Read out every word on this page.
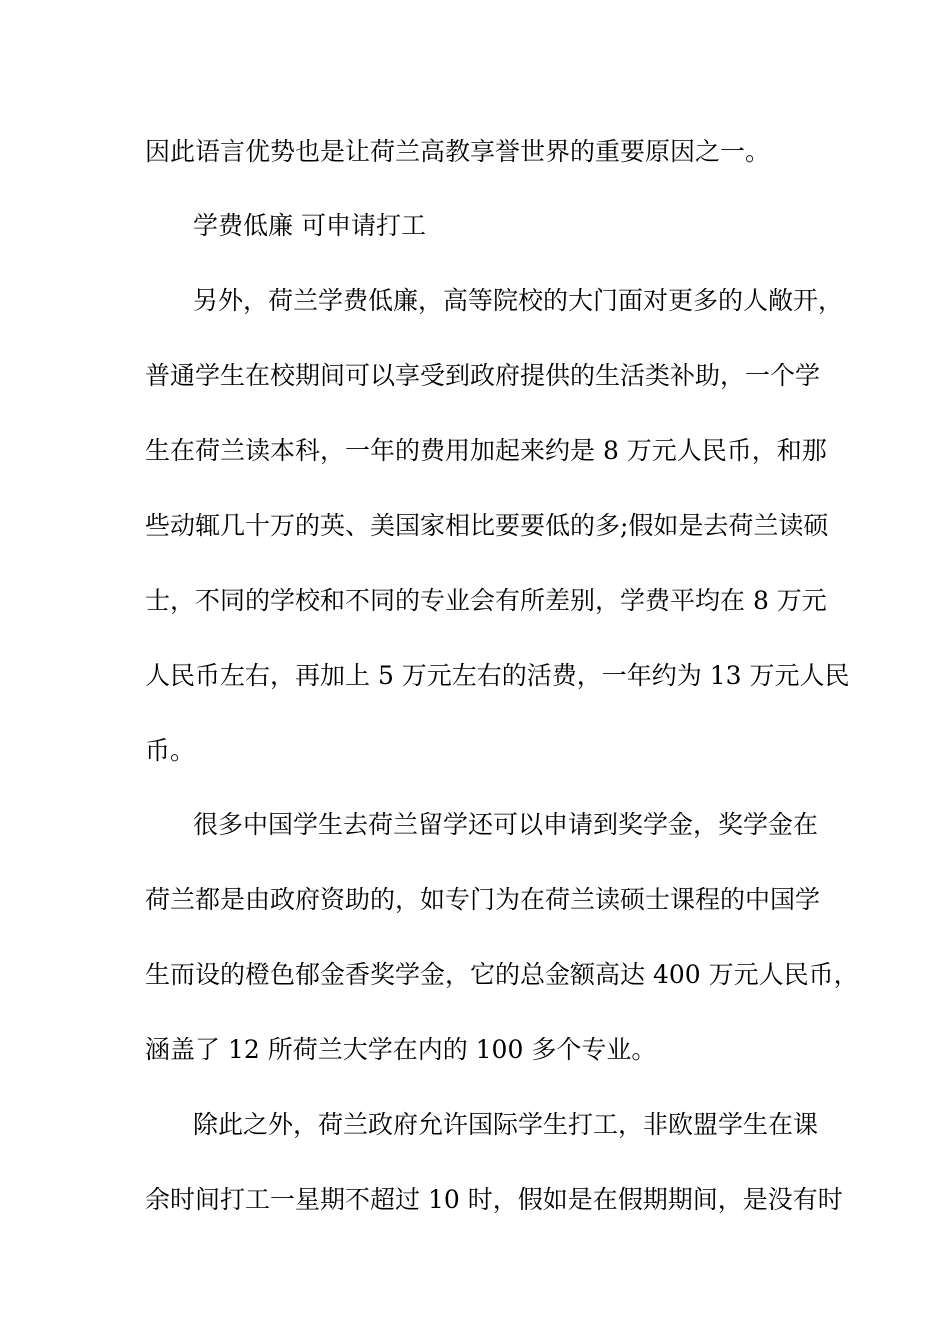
因此语言优势也是让荷兰高教享誉世界的重要原因之一。

学费低廉 可申请打工

另外，荷兰学费低廉，高等院校的大门面对更多的人敞开，

普通学生在校期间可以享受到政府提供的生活类补助，一个学

生在荷兰读本科，一年的费用加起来约是 8 万元人民币，和那

些动辄几十万的英、美国家相比要要低的多;假如是去荷兰读硕

士，不同的学校和不同的专业会有所差别，学费平均在 8 万元

人民币左右，再加上 5 万元左右的活费，一年约为 13 万元人民

币。

很多中国学生去荷兰留学还可以申请到奖学金，奖学金在

荷兰都是由政府资助的，如专门为在荷兰读硕士课程的中国学

生而设的橙色郁金香奖学金，它的总金额高达 400 万元人民币，

涵盖了 12 所荷兰大学在内的 100 多个专业。

除此之外，荷兰政府允许国际学生打工，非欧盟学生在课

余时间打工一星期不超过 10 时，假如是在假期期间，是没有时
